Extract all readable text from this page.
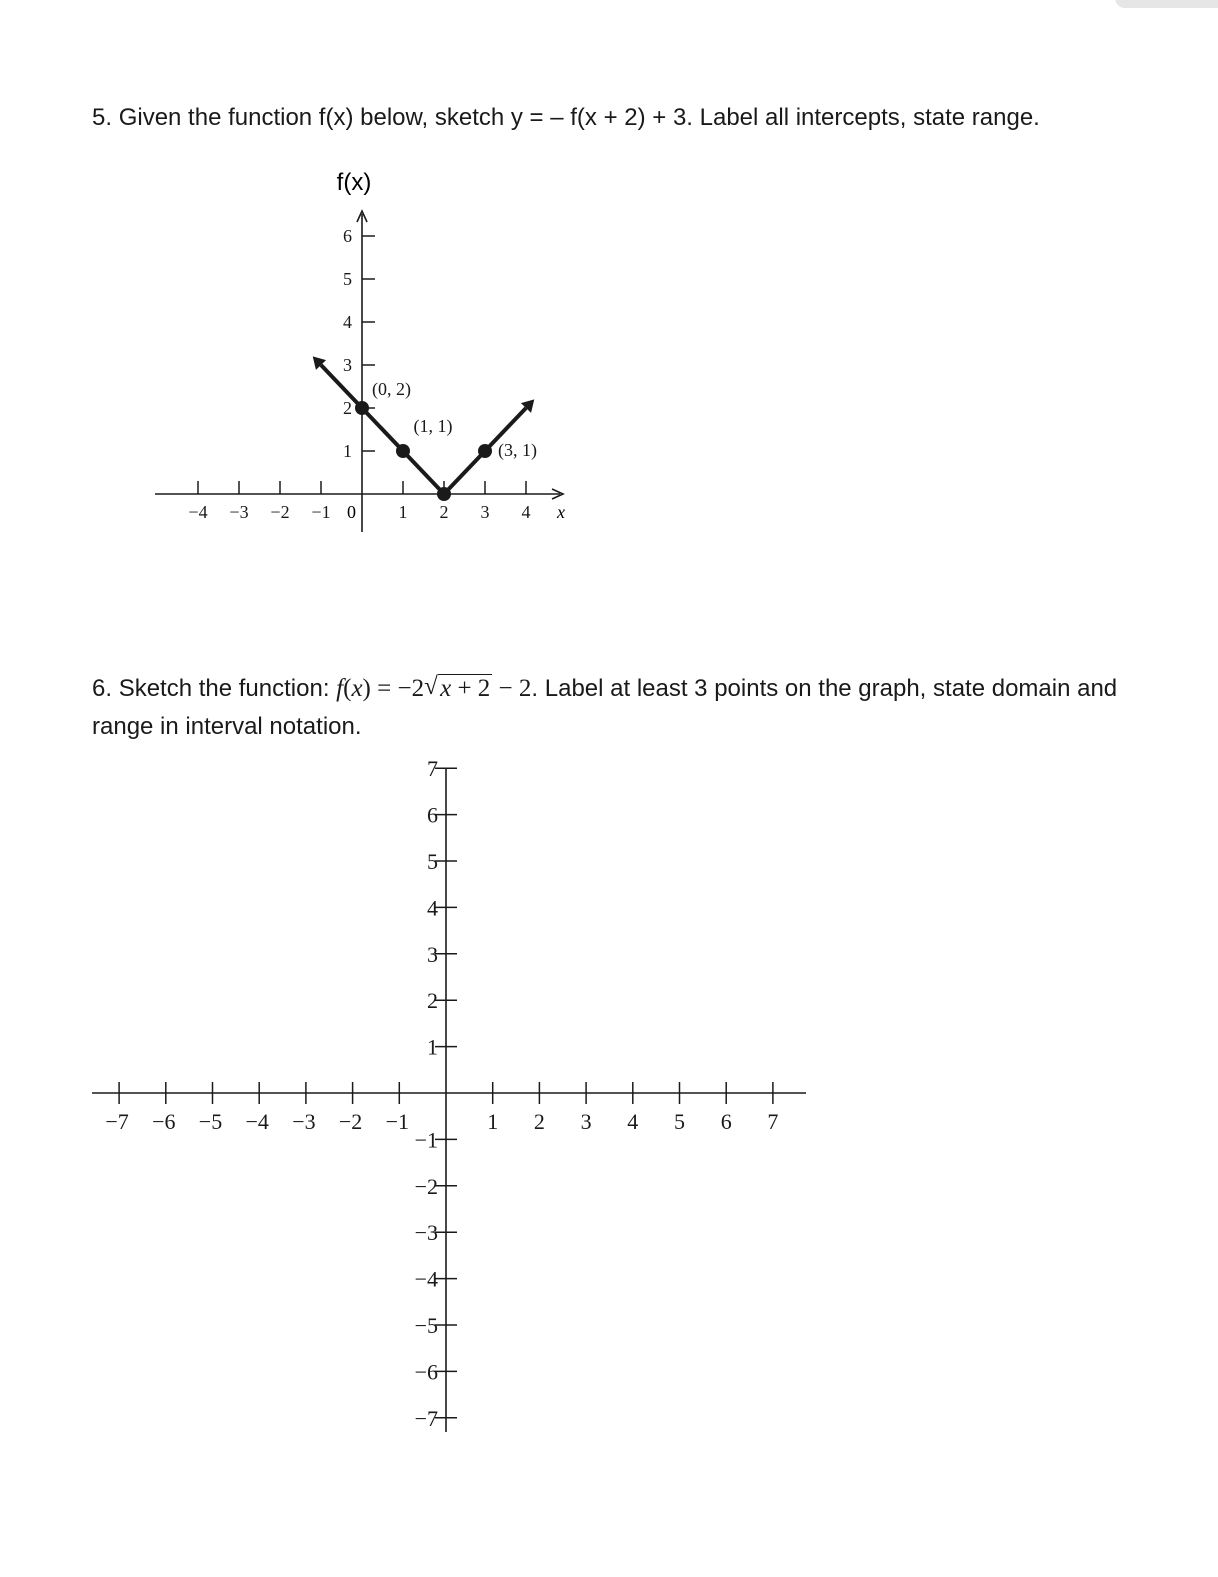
5. Given the function f(x) below, sketch y = – f(x + 2) + 3. Label all intercepts, state range.
6. Sketch the function: f(x) = −2 √ x + 2 − 2. Label at least 3 points on the graph, state domain and range in interval notation.
f(x)
−4 −3 −2 −1	1 2 3 4
1
2
3
4
5
6
(0, 2)
(1, 1)
(3, 1)
0	x
−7 −6 −5 −4 −3 −2 −1	1 2 3 4 5 6 7
7
6
5
4
3
2
1
−1
−2
−3
−4
−5
−6
−7
